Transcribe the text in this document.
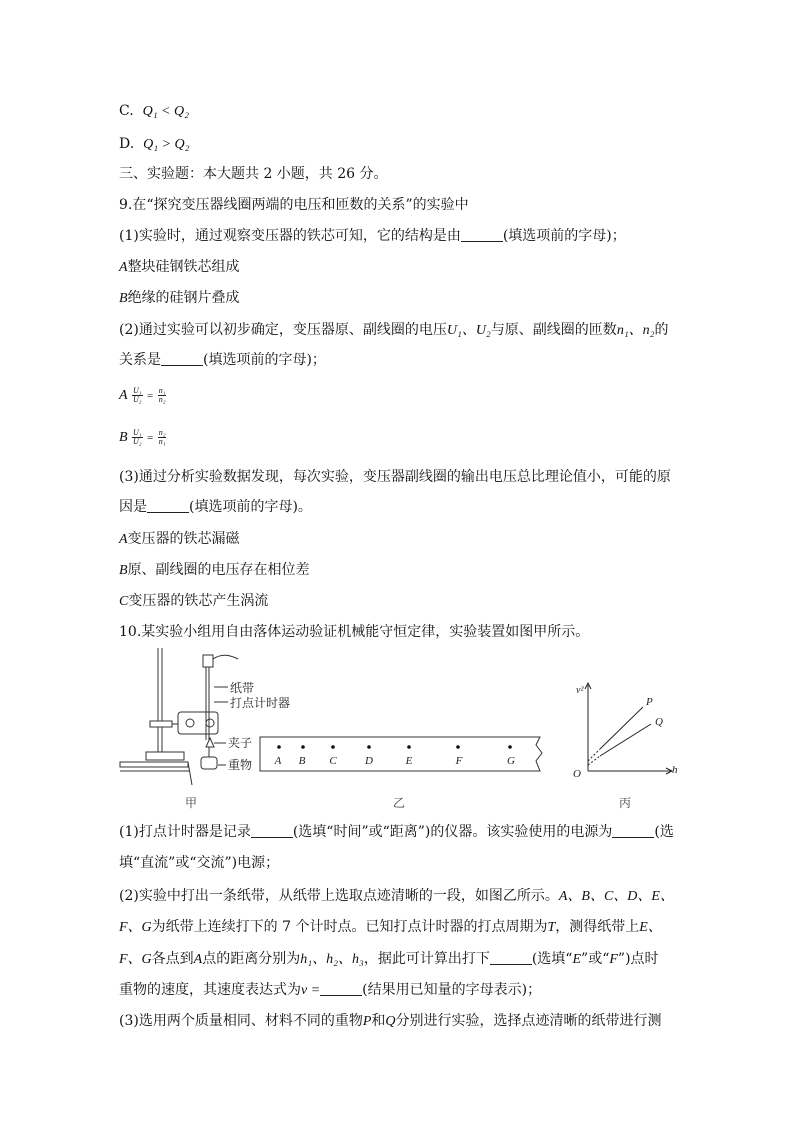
C. Q₁ < Q₂
D. Q₁ > Q₂
三、实验题：本大题共 2 小题，共 26 分。
9.在“探究变压器线圈两端的电压和匝数的关系”的实验中
(1)实验时，通过观察变压器的铁芯可知，它的结构是由	(填选项前的字母)；
A整块硅钢铁芯组成
B绝缘的硅钢片叠成
(2)通过实验可以初步确定，变压器原、副线圈的电压U₁、U₂与原、副线圈的匝数n₁、n₂的
关系是	(填选项前的字母)；
A $\frac{\text{U₁}}{\text{U₂}} = \frac{\text{n₁}}{\text{n₂}}$
B $\frac{\text{U₁}}{\text{U₂}} = \frac{\text{n₂}}{\text{n₁}}$
(3)通过分析实验数据发现，每次实验，变压器副线圈的输出电压总比理论值小，可能的原
因是	(填选项前的字母)。
A变压器的铁芯漏磁
B原、副线圈的电压存在相位差
C变压器的铁芯产生涡流
10.某实验小组用自由落体运动验证机械能守恒定律，实验装置如图甲所示。
纸带
打点计时器
夹子
重物
甲
A B C	D	E	F	G
乙
v²
h
O
P
Q
丙
(1)打点计时器是记录	(选填“时间”或“距离”)的仪器。该实验使用的电源为	(选
填“直流”或“交流”)电源；
(2)实验中打出一条纸带，从纸带上选取点迹清晰的一段，如图乙所示。A、B、C、D、E、
F、G为纸带上连续打下的 7 个计时点。已知打点计时器的打点周期为T，测得纸带上E、
F、G各点到A点的距离分别为h₁、h₂、h₃，据此可计算出打下	(选填“E”或“F”)点时
重物的速度，其速度表达式为v =	(结果用已知量的字母表示)；
(3)选用两个质量相同、材料不同的重物P和Q分别进行实验，选择点迹清晰的纸带进行测
